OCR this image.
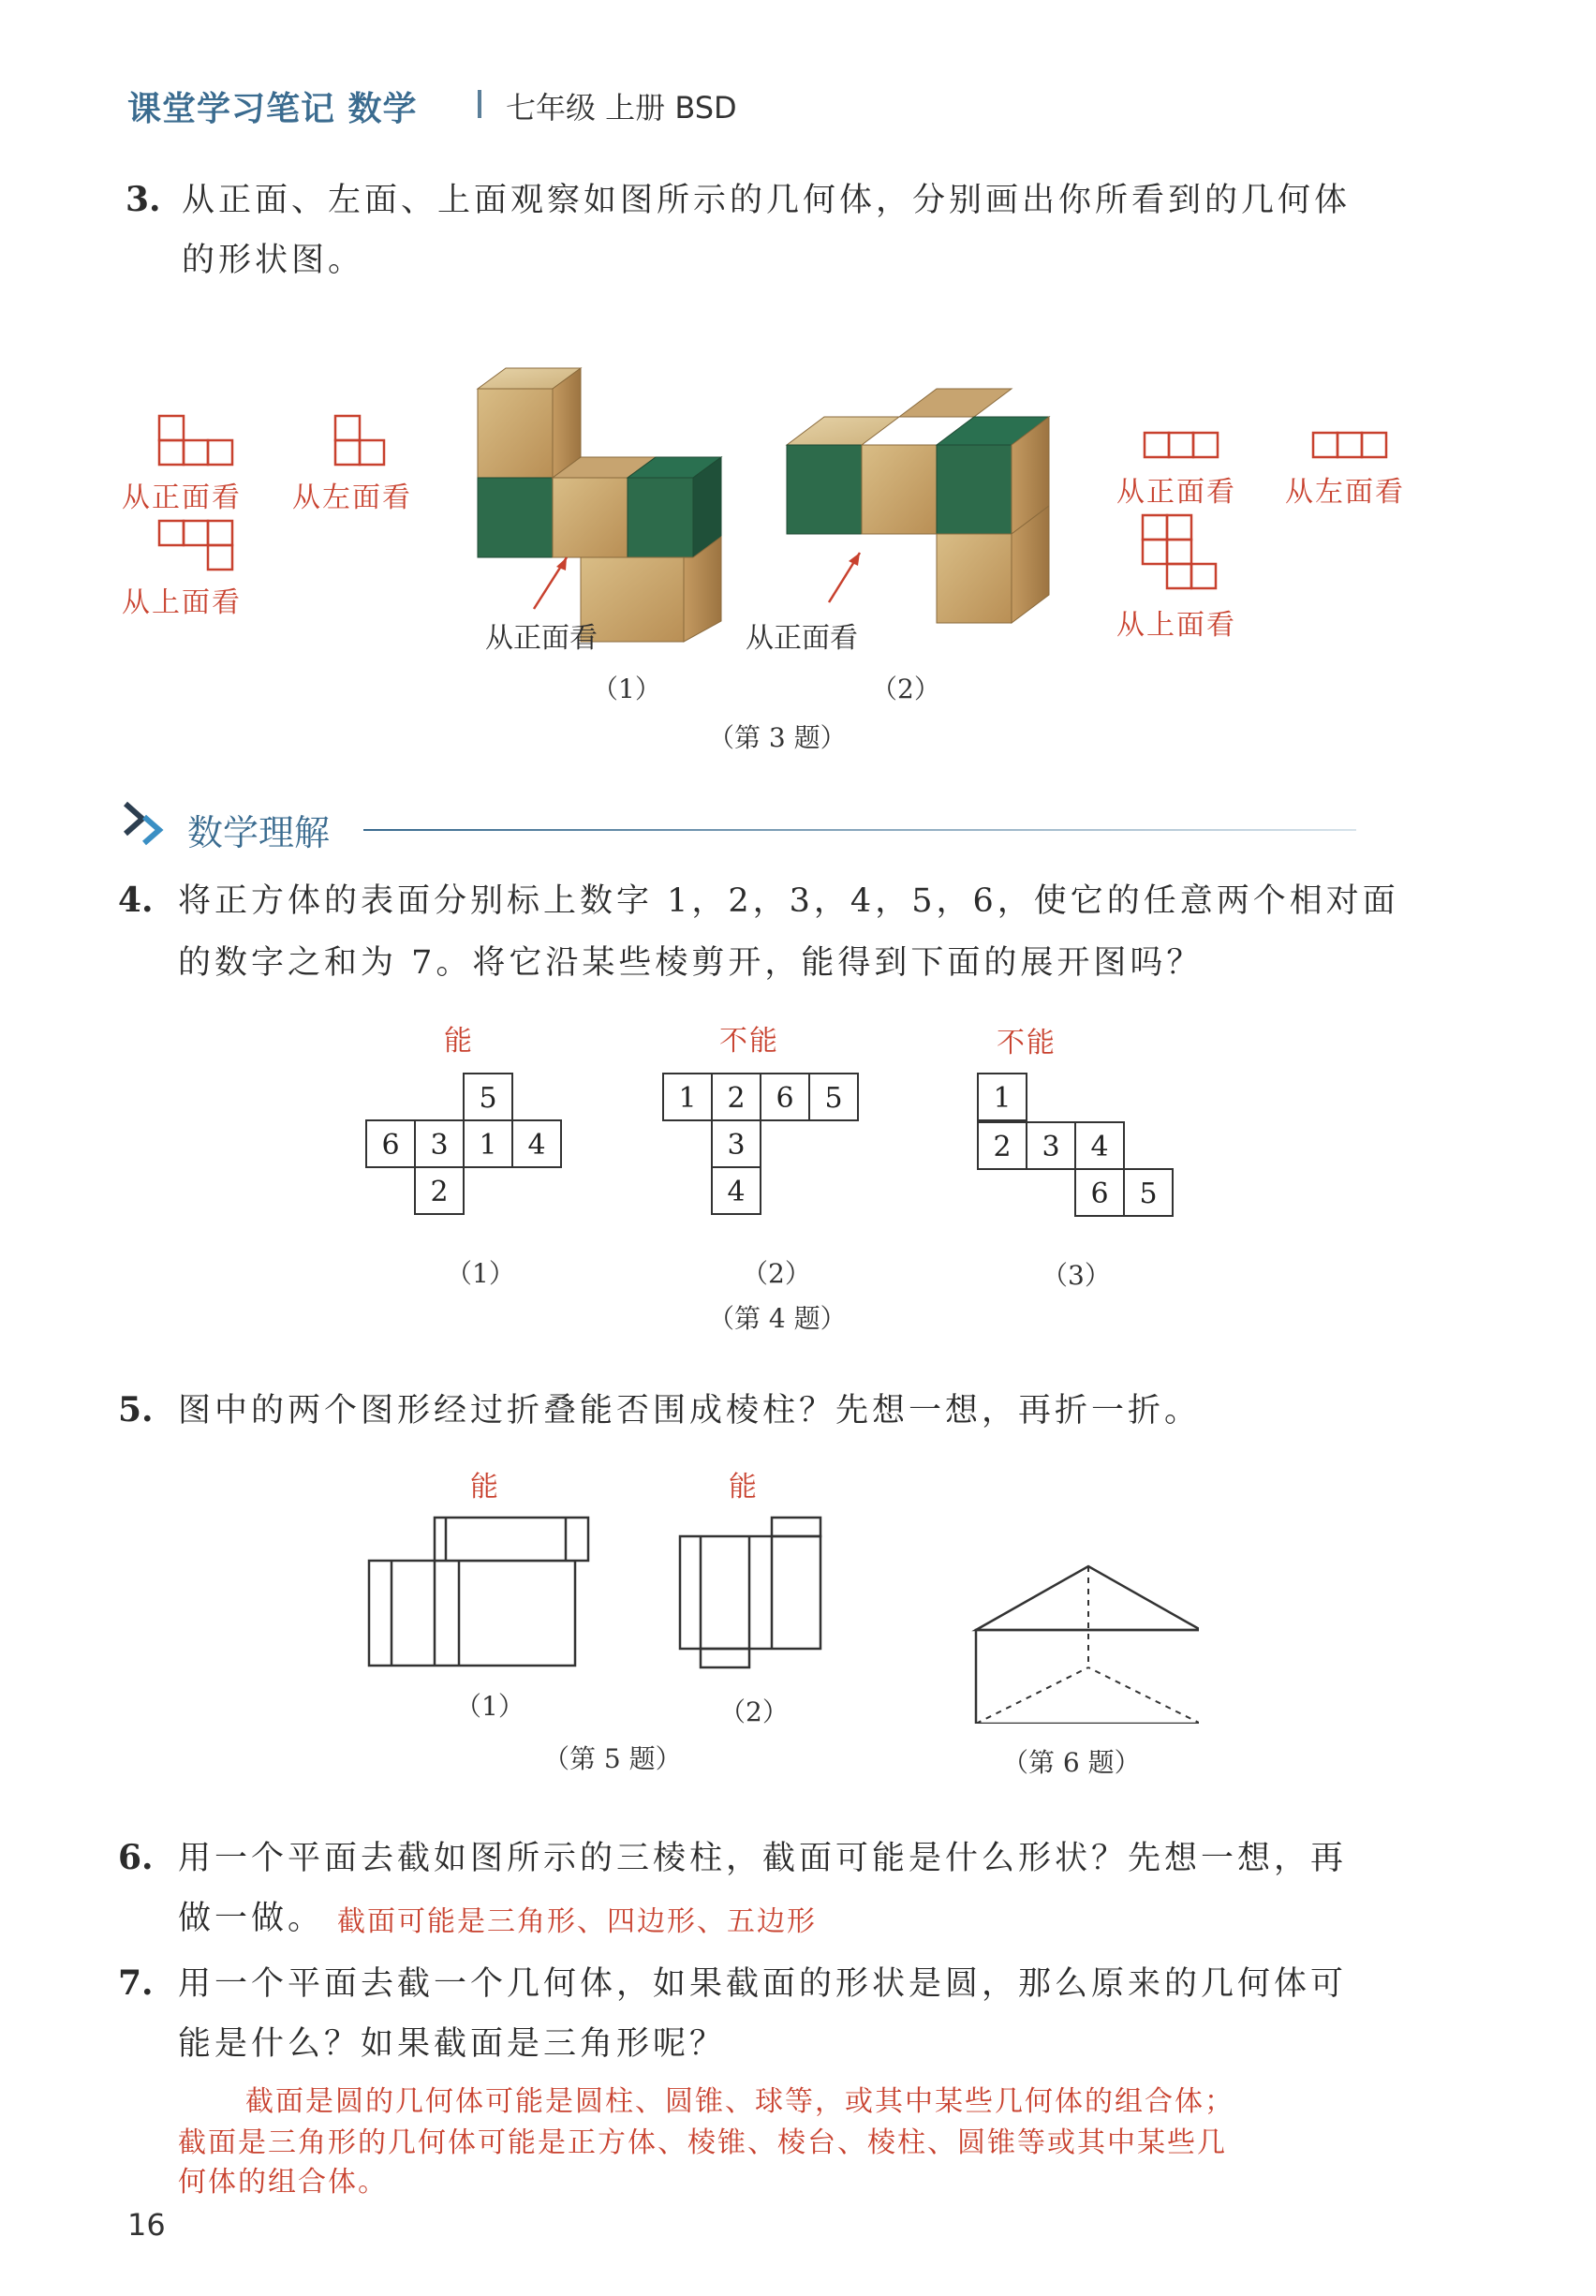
课堂学习笔记 数学	七年级 上册 BSD
3. 从正面、左面、上面观察如图所示的几何体，分别画出你所看到的几何体
的形状图。
从正面看 从左面看
从上面看
从正面看	从正面看
（1）	（2）
（第 3 题）
从正面看 从左面看
从上面看
数学理解
4. 将正方体的表面分别标上数字 1，2，3，4，5，6，使它的任意两个相对面
的数字之和为 7。将它沿某些棱剪开，能得到下面的展开图吗？
能	不能	不能
5
6 3 1 4
2
1 2 6 5
3
4
1
2 3 4
6 5
（1）	（2）	（3）
（第 4 题）
5. 图中的两个图形经过折叠能否围成棱柱？先想一想，再折一折。
能	能
（1）	（2）
（第 5 题）	（第 6 题）
6. 用一个平面去截如图所示的三棱柱，截面可能是什么形状？先想一想，再
做一做。 截面可能是三角形、四边形、五边形
7. 用一个平面去截一个几何体，如果截面的形状是圆，那么原来的几何体可
能是什么？如果截面是三角形呢？
截面是圆的几何体可能是圆柱、圆锥、球等，或其中某些几何体的组合体；
截面是三角形的几何体可能是正方体、棱锥、棱台、棱柱、圆锥等或其中某些几
何体的组合体。
16
